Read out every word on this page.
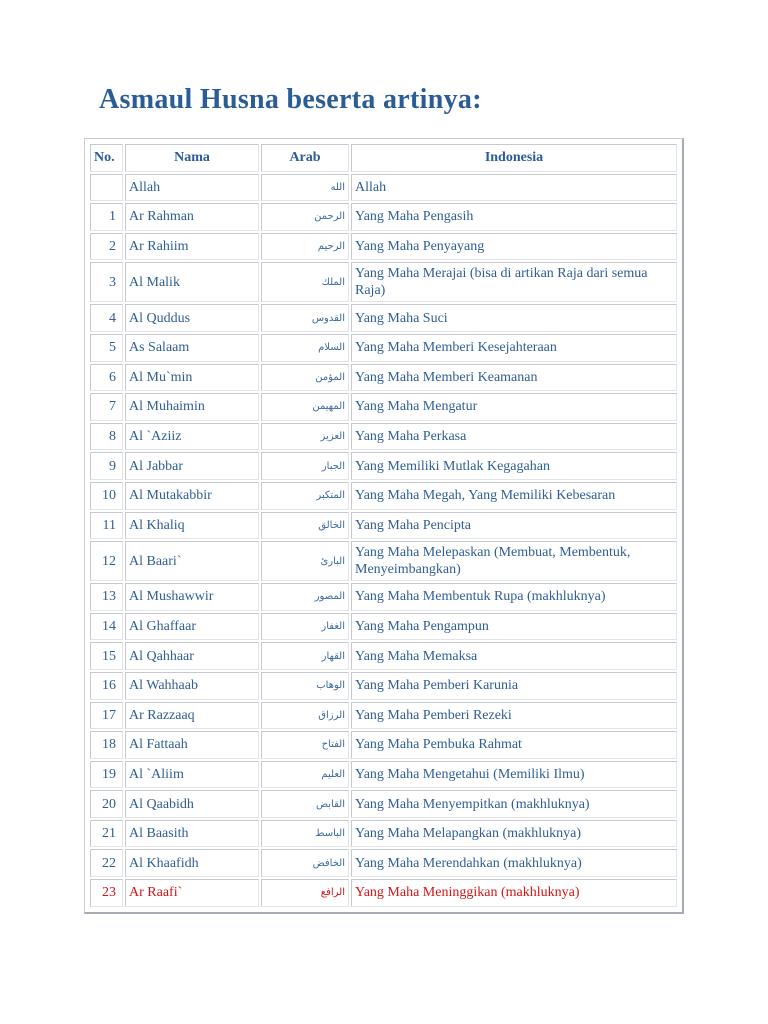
Asmaul Husna beserta artinya:
No.	Nama	Arab	Indonesia
	Allah	الله	Allah
1	Ar Rahman	الرحمن	Yang Maha Pengasih
2	Ar Rahiim	الرحيم	Yang Maha Penyayang
3	Al Malik	الملك	Yang Maha Merajai (bisa di artikan Raja dari semua Raja)
4	Al Quddus	القدوس	Yang Maha Suci
5	As Salaam	السلام	Yang Maha Memberi Kesejahteraan
6	Al Mu`min	المؤمن	Yang Maha Memberi Keamanan
7	Al Muhaimin	المهيمن	Yang Maha Mengatur
8	Al `Aziiz	العزيز	Yang Maha Perkasa
9	Al Jabbar	الجبار	Yang Memiliki Mutlak Kegagahan
10	Al Mutakabbir	المتكبر	Yang Maha Megah, Yang Memiliki Kebesaran
11	Al Khaliq	الخالق	Yang Maha Pencipta
12	Al Baari`	البارئ	Yang Maha Melepaskan (Membuat, Membentuk, Menyeimbangkan)
13	Al Mushawwir	المصور	Yang Maha Membentuk Rupa (makhluknya)
14	Al Ghaffaar	الغفار	Yang Maha Pengampun
15	Al Qahhaar	القهار	Yang Maha Memaksa
16	Al Wahhaab	الوهاب	Yang Maha Pemberi Karunia
17	Ar Razzaaq	الرزاق	Yang Maha Pemberi Rezeki
18	Al Fattaah	الفتاح	Yang Maha Pembuka Rahmat
19	Al `Aliim	العليم	Yang Maha Mengetahui (Memiliki Ilmu)
20	Al Qaabidh	القابض	Yang Maha Menyempitkan (makhluknya)
21	Al Baasith	الباسط	Yang Maha Melapangkan (makhluknya)
22	Al Khaafidh	الخافض	Yang Maha Merendahkan (makhluknya)
23	Ar Raafi`	الرافع	Yang Maha Meninggikan (makhluknya)
